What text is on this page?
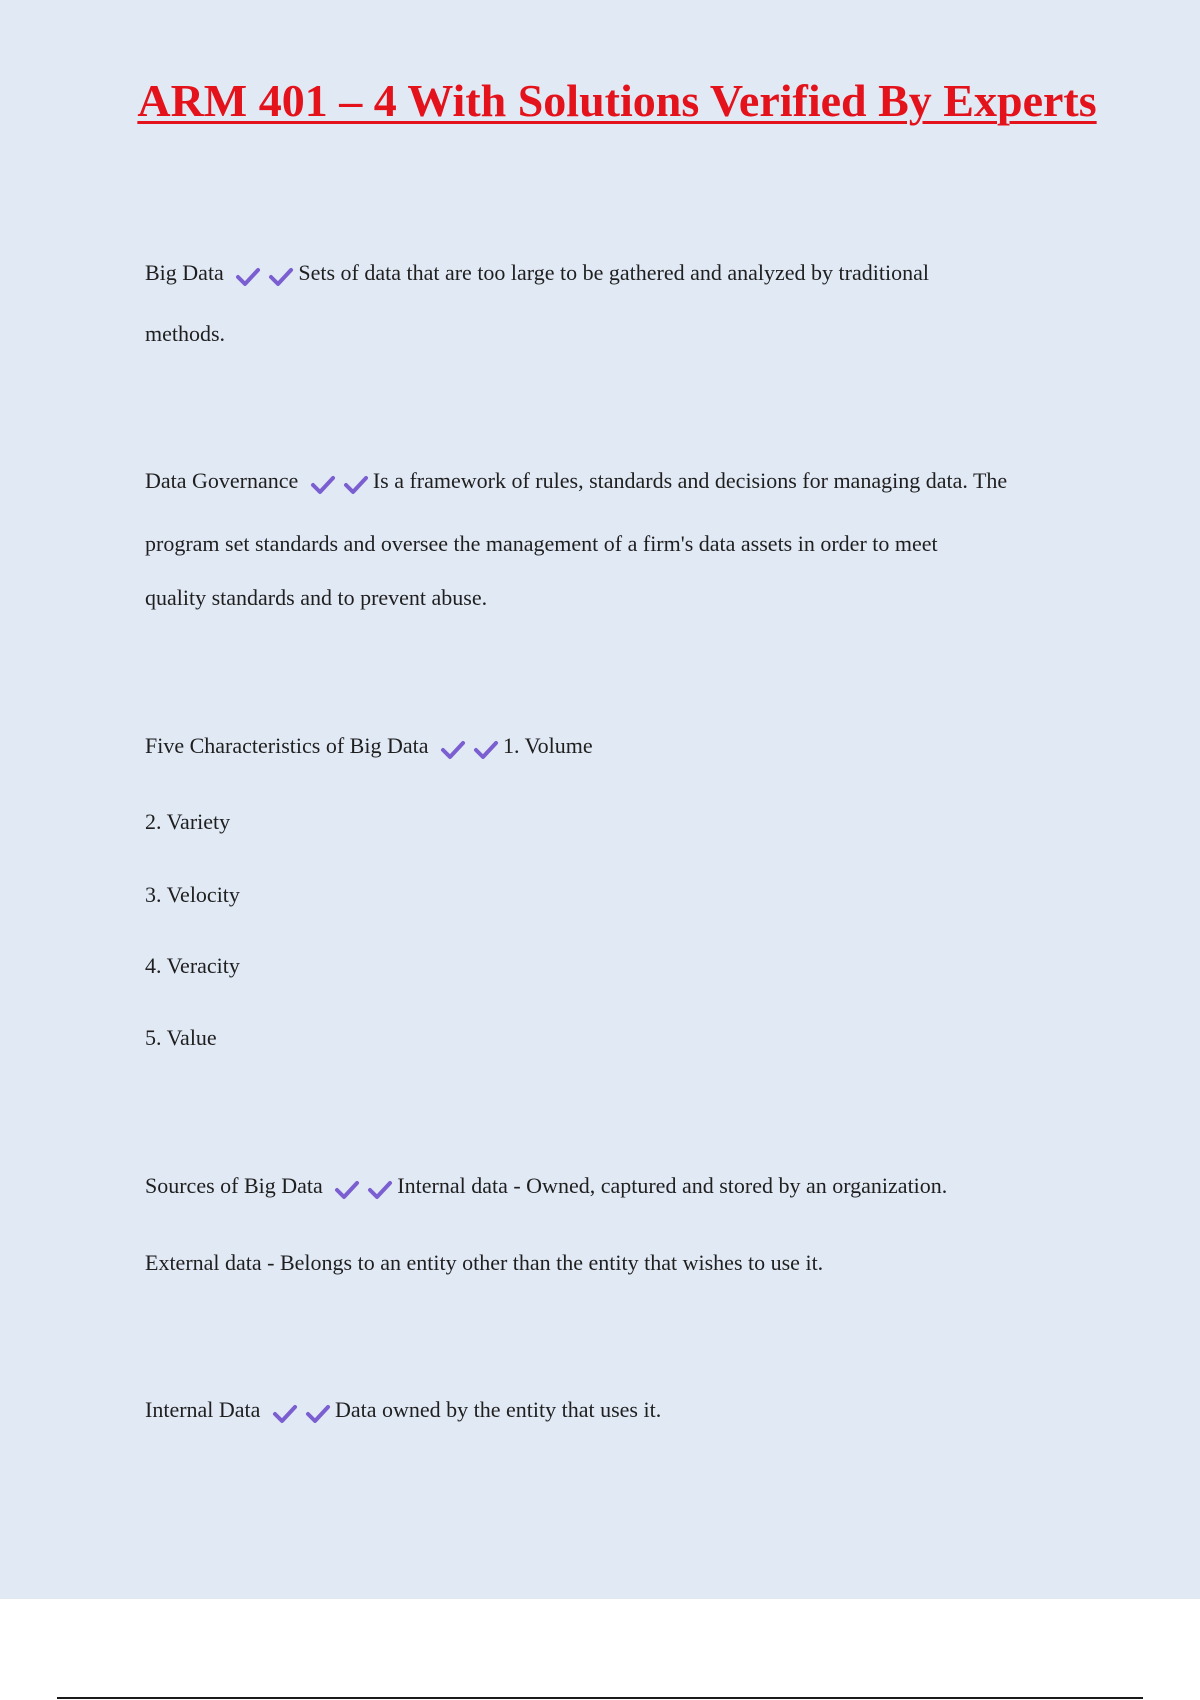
ARM 401 – 4 With Solutions Verified By Experts
Big Data	Sets of data that are too large to be gathered and analyzed by traditional
methods.
Data Governance	Is a framework of rules, standards and decisions for managing data. The
program set standards and oversee the management of a firm's data assets in order to meet
quality standards and to prevent abuse.
Five Characteristics of Big Data	1. Volume
2. Variety
3. Velocity
4. Veracity
5. Value
Sources of Big Data	Internal data - Owned, captured and stored by an organization.
External data - Belongs to an entity other than the entity that wishes to use it.
Internal Data	Data owned by the entity that uses it.
